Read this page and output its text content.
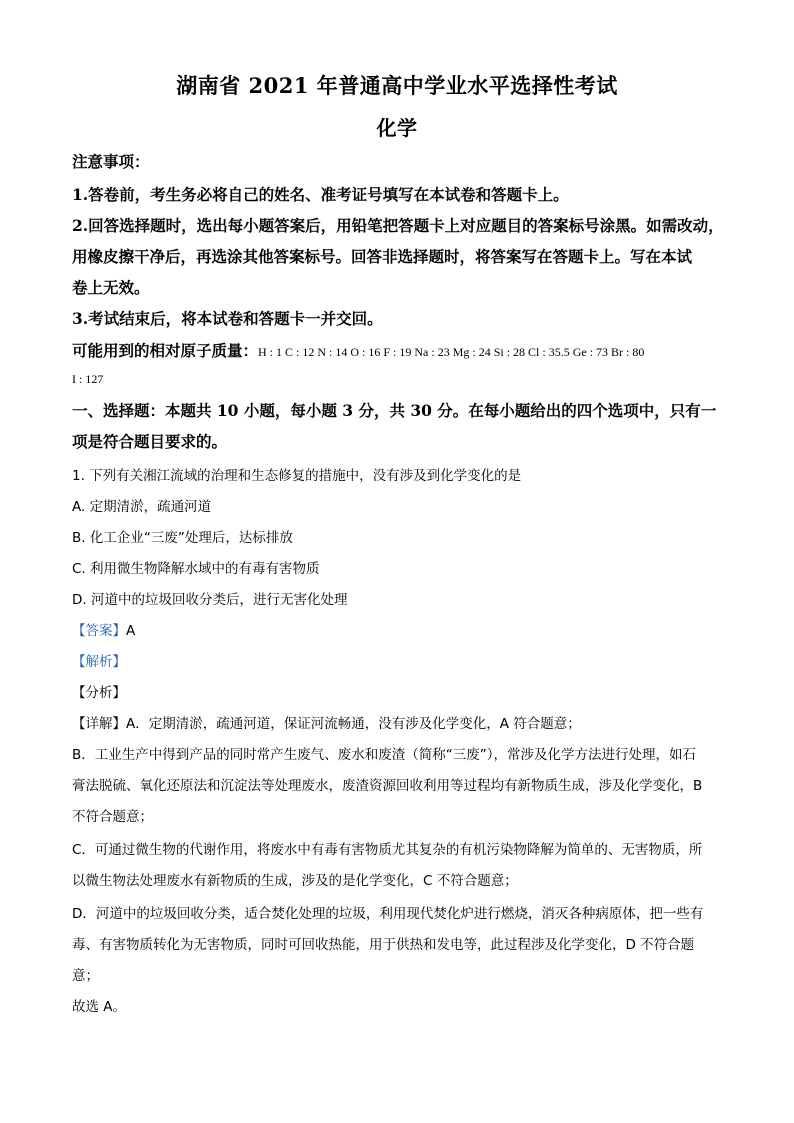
湖南省 2021 年普通高中学业水平选择性考试
化学
注意事项：
1.答卷前，考生务必将自己的姓名、准考证号填写在本试卷和答题卡上。
2.回答选择题时，选出每小题答案后，用铅笔把答题卡上对应题目的答案标号涂黑。如需改动，
用橡皮擦干净后，再选涂其他答案标号。回答非选择题时，将答案写在答题卡上。写在本试
卷上无效。
3.考试结束后，将本试卷和答题卡一并交回。
可能用到的相对原子质量：H : 1 C : 12 N : 14 O : 16 F : 19 Na : 23 Mg : 24 Si : 28 Cl : 35.5 Ge : 73 Br : 80
I : 127
一、选择题：本题共 10 小题，每小题 3 分，共 30 分。在每小题给出的四个选项中，只有一
项是符合题目要求的。
1. 下列有关湘江流域的治理和生态修复的措施中，没有涉及到化学变化的是
A. 定期清淤，疏通河道
B. 化工企业“三废”处理后，达标排放
C. 利用微生物降解水域中的有毒有害物质
D. 河道中的垃圾回收分类后，进行无害化处理
【答案】A
【解析】
【分析】
【详解】A．定期清淤，疏通河道，保证河流畅通，没有涉及化学变化，A 符合题意；
B．工业生产中得到产品的同时常产生废气、废水和废渣（简称“三废”），常涉及化学方法进行处理，如石
膏法脱硫、氧化还原法和沉淀法等处理废水，废渣资源回收利用等过程均有新物质生成，涉及化学变化，B
不符合题意；
C．可通过微生物的代谢作用，将废水中有毒有害物质尤其复杂的有机污染物降解为简单的、无害物质，所
以微生物法处理废水有新物质的生成，涉及的是化学变化，C 不符合题意；
D．河道中的垃圾回收分类，适合焚化处理的垃圾，利用现代焚化炉进行燃烧，消灭各种病原体，把一些有
毒、有害物质转化为无害物质，同时可回收热能，用于供热和发电等，此过程涉及化学变化，D 不符合题
意；
故选 A。
